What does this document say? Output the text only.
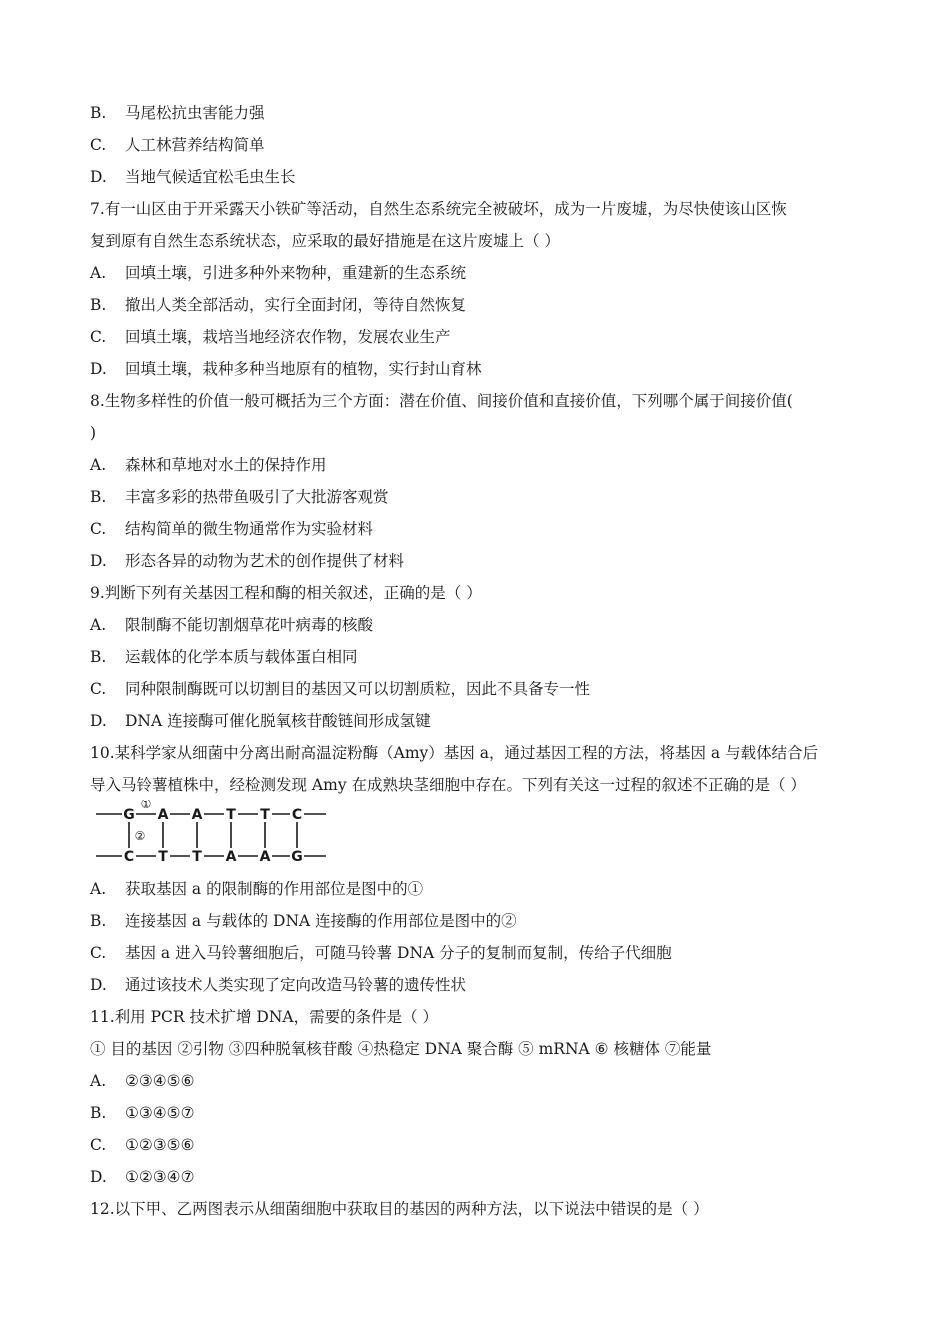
B. 马尾松抗虫害能力强
C. 人工林营养结构简单
D. 当地气候适宜松毛虫生长
7.有一山区由于开采露天小铁矿等活动，自然生态系统完全被破坏，成为一片废墟，为尽快使该山区恢
复到原有自然生态系统状态，应采取的最好措施是在这片废墟上（ ）
A. 回填土壤，引进多种外来物种，重建新的生态系统
B. 撤出人类全部活动，实行全面封闭，等待自然恢复
C. 回填土壤，栽培当地经济农作物，发展农业生产
D. 回填土壤，栽种多种当地原有的植物，实行封山育林
8.生物多样性的价值一般可概括为三个方面：潜在价值、间接价值和直接价值，下列哪个属于间接价值(
)
A. 森林和草地对水土的保持作用
B. 丰富多彩的热带鱼吸引了大批游客观赏
C. 结构简单的微生物通常作为实验材料
D. 形态各异的动物为艺术的创作提供了材料
9.判断下列有关基因工程和酶的相关叙述，正确的是（ ）
A. 限制酶不能切割烟草花叶病毒的核酸
B. 运载体的化学本质与载体蛋白相同
C. 同种限制酶既可以切割目的基因又可以切割质粒，因此不具备专一性
D. DNA 连接酶可催化脱氧核苷酸链间形成氢键
10.某科学家从细菌中分离出耐高温淀粉酶（Amy）基因 a，通过基因工程的方法，将基因 a 与载体结合后
导入马铃薯植株中，经检测发现 Amy 在成熟块茎细胞中存在。下列有关这一过程的叙述不正确的是（ ）
G A A T T C
C T T A A G
①
②
A. 获取基因 a 的限制酶的作用部位是图中的①
B. 连接基因 a 与载体的 DNA 连接酶的作用部位是图中的②
C. 基因 a 进入马铃薯细胞后，可随马铃薯 DNA 分子的复制而复制，传给子代细胞
D. 通过该技术人类实现了定向改造马铃薯的遗传性状
11.利用 PCR 技术扩增 DNA，需要的条件是（ ）
① 目的基因 ②引物 ③四种脱氧核苷酸 ④热稳定 DNA 聚合酶 ⑤ mRNA ⑥ 核糖体 ⑦能量
A. ②③④⑤⑥
B. ①③④⑤⑦
C. ①②③⑤⑥
D. ①②③④⑦
12.以下甲、乙两图表示从细菌细胞中获取目的基因的两种方法，以下说法中错误的是（ ）
